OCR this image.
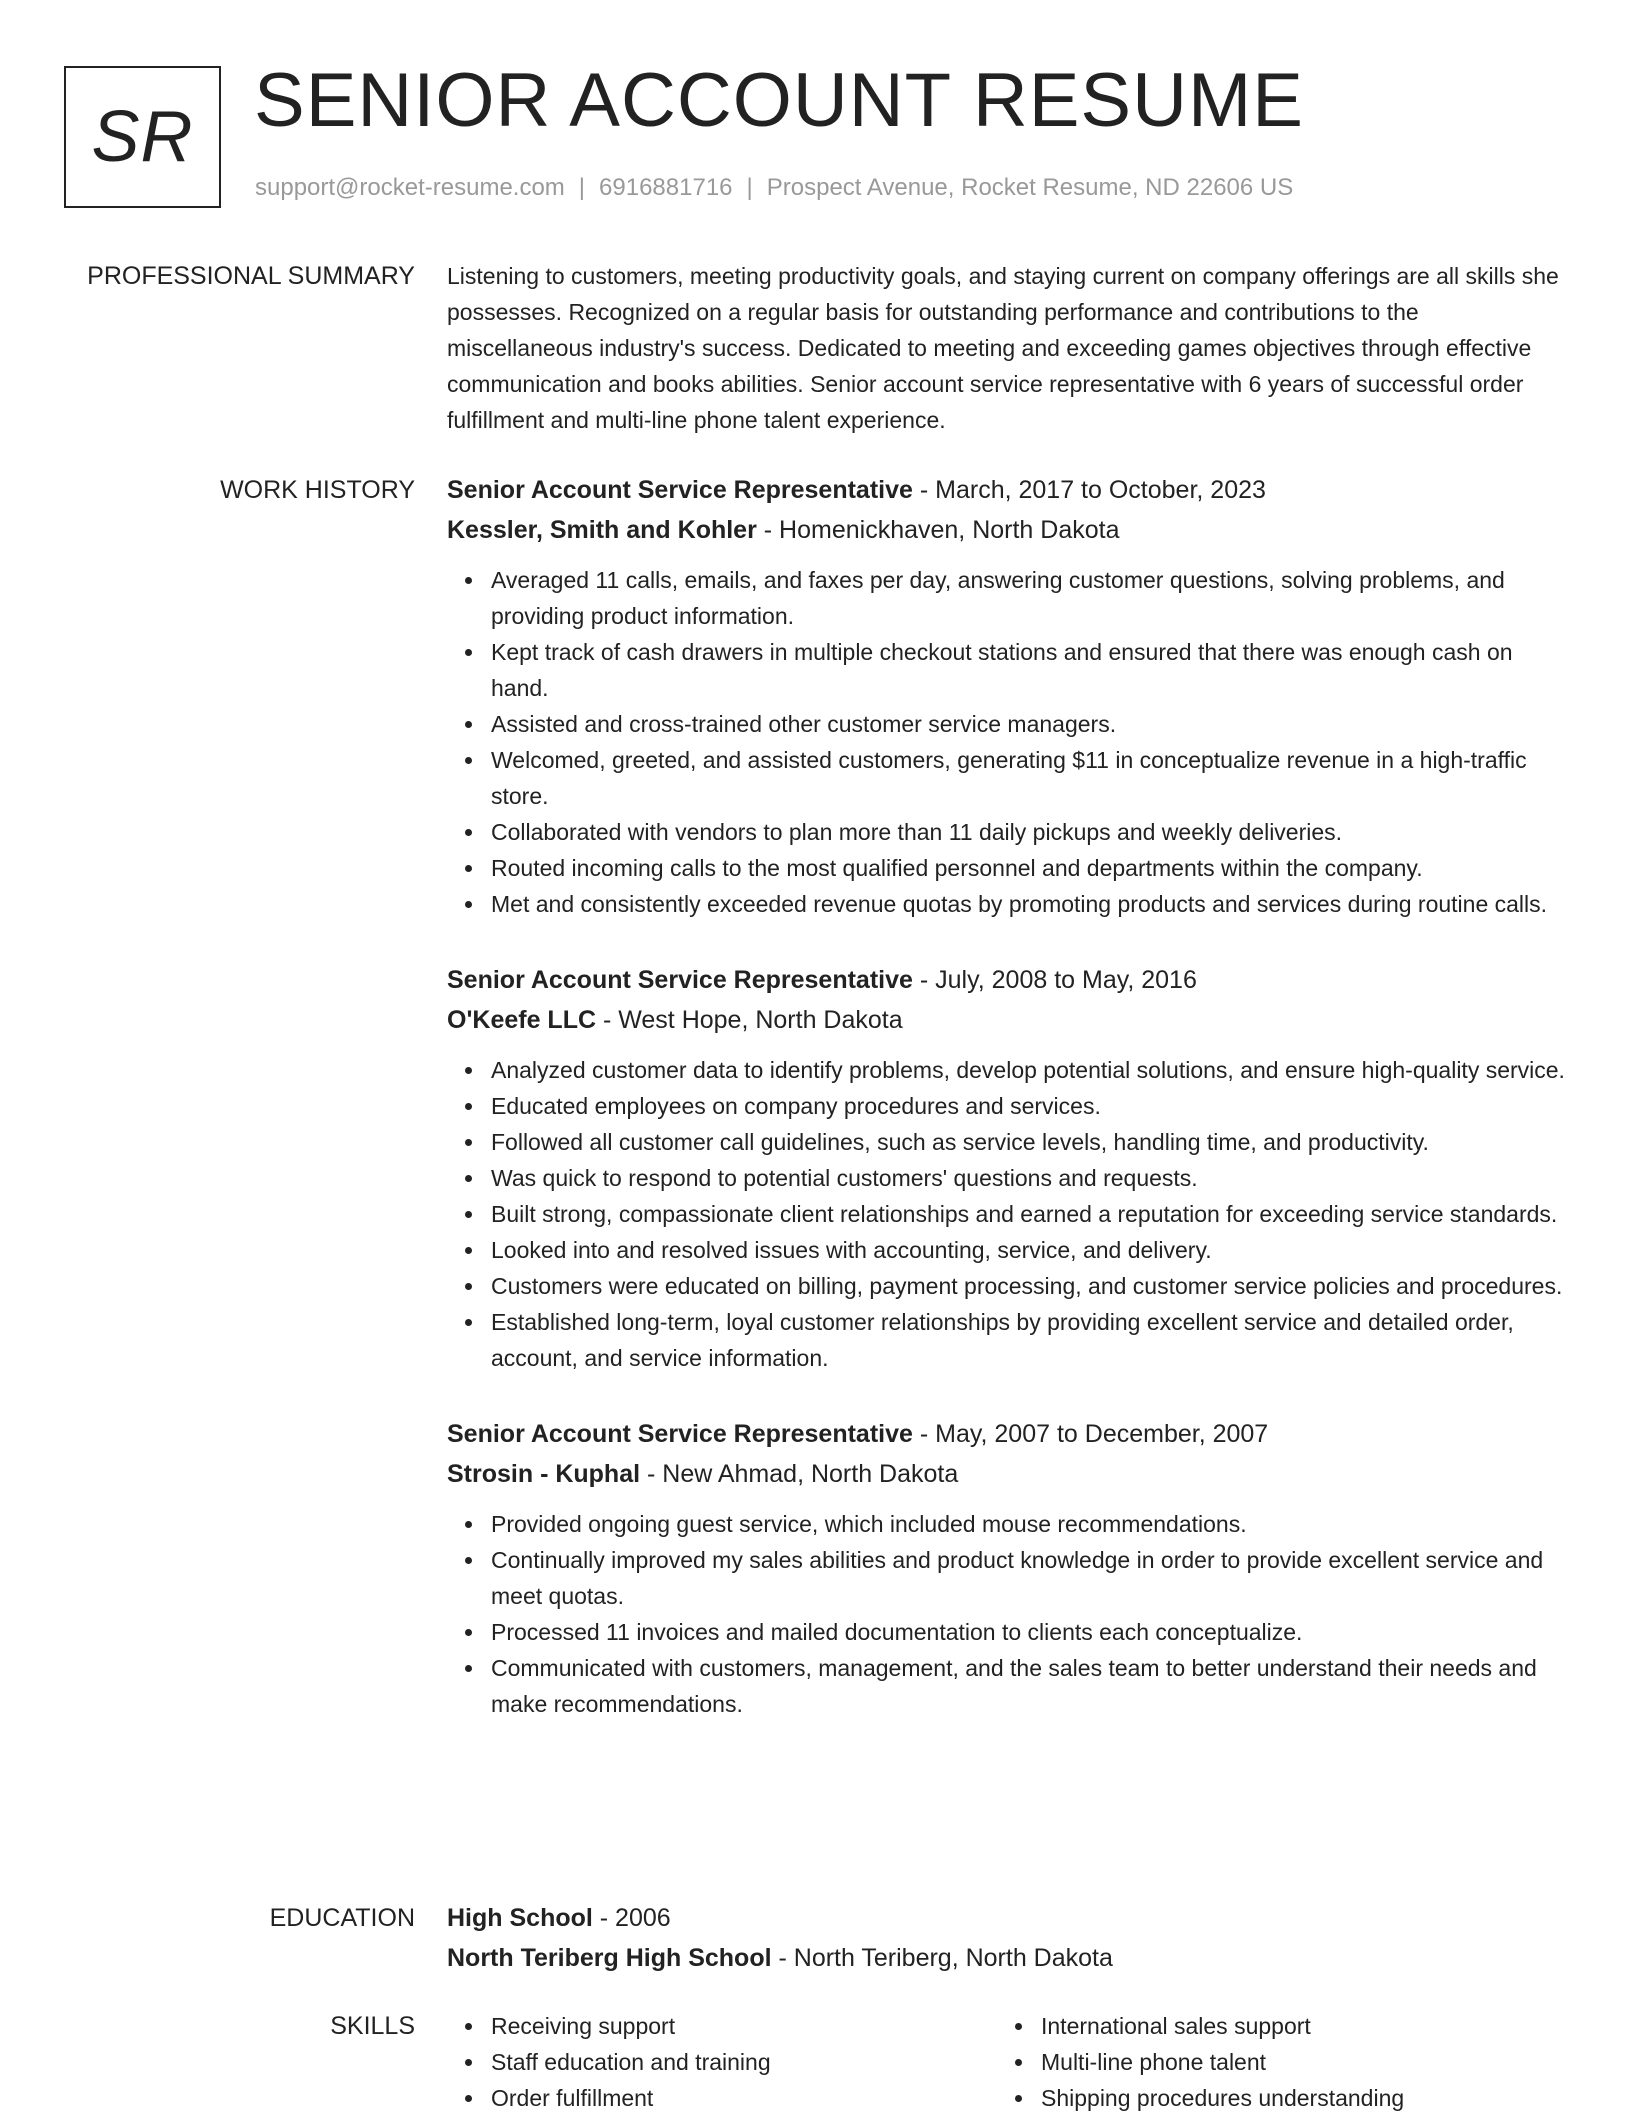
SR SENIOR ACCOUNT RESUME
support@rocket-resume.com | 6916881716 | Prospect Avenue, Rocket Resume, ND 22606 US
PROFESSIONAL SUMMARY Listening to customers, meeting productivity goals, and staying current on company offerings are all skills she possesses. Recognized on a regular basis for outstanding performance and contributions to the miscellaneous industry's success. Dedicated to meeting and exceeding games objectives through effective communication and books abilities. Senior account service representative with 6 years of successful order fulfillment and multi-line phone talent experience.

WORK HISTORY Senior Account Service Representative - March, 2017 to October, 2023
Kessler, Smith and Kohler - Homenickhaven, North Dakota
Averaged 11 calls, emails, and faxes per day, answering customer questions, solving problems, and providing product information.
Kept track of cash drawers in multiple checkout stations and ensured that there was enough cash on hand.
Assisted and cross-trained other customer service managers.
Welcomed, greeted, and assisted customers, generating $11 in conceptualize revenue in a high-traffic store.
Collaborated with vendors to plan more than 11 daily pickups and weekly deliveries.
Routed incoming calls to the most qualified personnel and departments within the company.
Met and consistently exceeded revenue quotas by promoting products and services during routine calls.
Senior Account Service Representative - July, 2008 to May, 2016
O'Keefe LLC - West Hope, North Dakota
Analyzed customer data to identify problems, develop potential solutions, and ensure high-quality service.
Educated employees on company procedures and services.
Followed all customer call guidelines, such as service levels, handling time, and productivity.
Was quick to respond to potential customers' questions and requests.
Built strong, compassionate client relationships and earned a reputation for exceeding service standards.
Looked into and resolved issues with accounting, service, and delivery.
Customers were educated on billing, payment processing, and customer service policies and procedures.
Established long-term, loyal customer relationships by providing excellent service and detailed order, account, and service information.
Senior Account Service Representative - May, 2007 to December, 2007
Strosin - Kuphal - New Ahmad, North Dakota
Provided ongoing guest service, which included mouse recommendations.
Continually improved my sales abilities and product knowledge in order to provide excellent service and meet quotas.
Processed 11 invoices and mailed documentation to clients each conceptualize.
Communicated with customers, management, and the sales team to better understand their needs and make recommendations.
EDUCATION High School - 2006
North Teriberg High School - North Teriberg, North Dakota
SKILLS	Receiving support
Staff education and training
Order fulfillment
International sales support
Multi-line phone talent
Shipping procedures understanding
